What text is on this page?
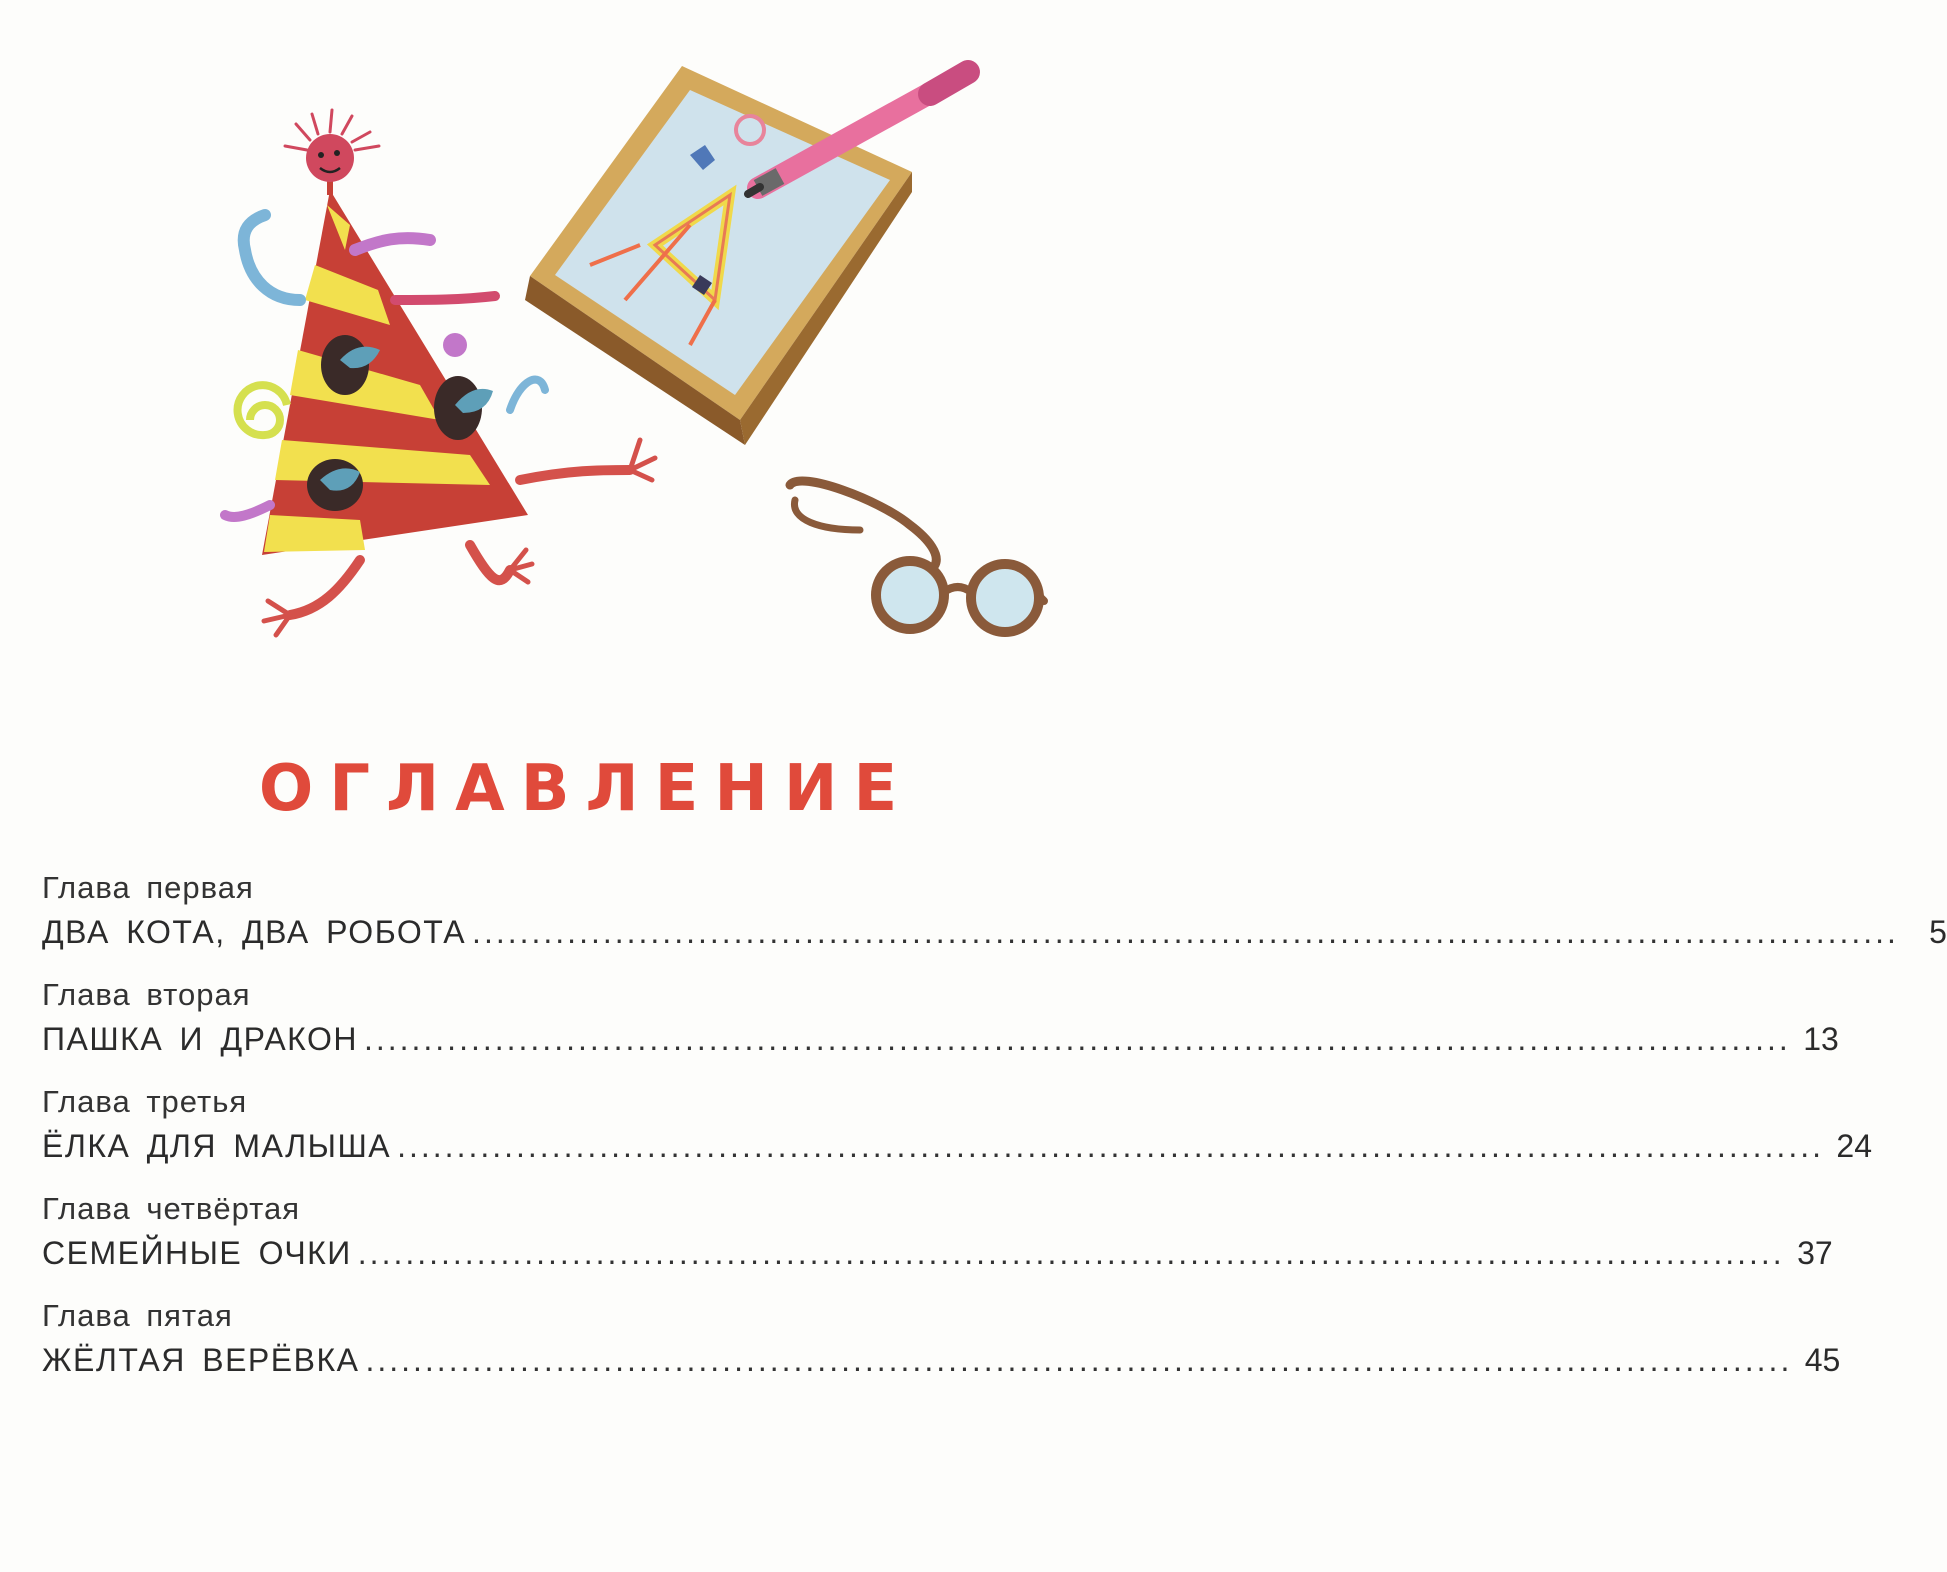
ОГЛАВЛЕНИЕ
Глава первая
ДВА КОТА, ДВА РОБОТА ........................................................................................................................ 5
Глава вторая
ПАШКА И ДРАКОН ........................................................................................................................ 13
Глава третья
ЁЛКА ДЛЯ МАЛЫША ........................................................................................................................ 24
Глава четвёртая
СЕМЕЙНЫЕ ОЧКИ ........................................................................................................................ 37
Глава пятая
ЖЁЛТАЯ ВЕРЁВКА ........................................................................................................................ 45
